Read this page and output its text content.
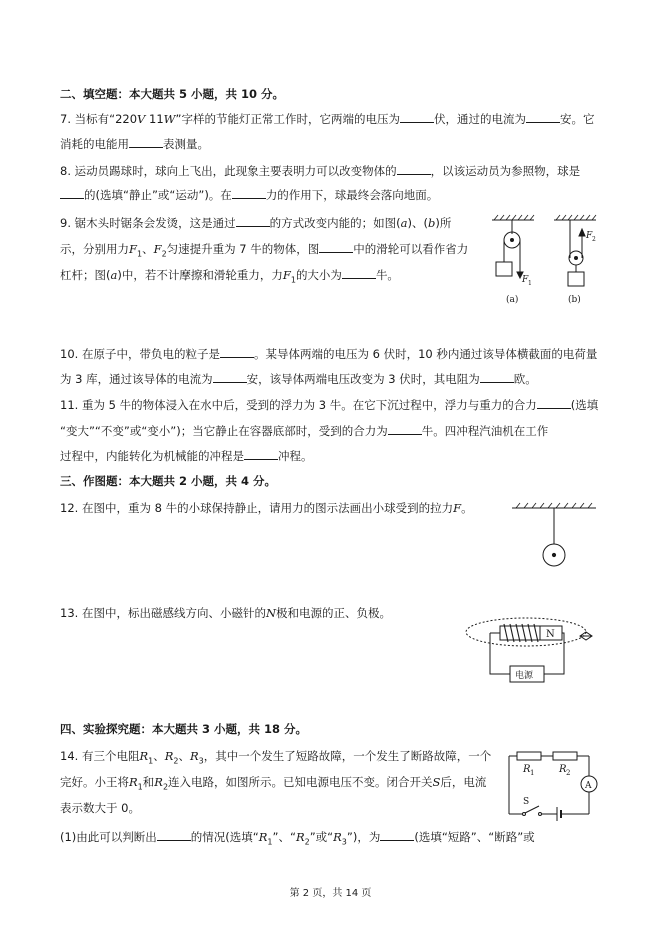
二、填空题：本大题共 5 小题，共 10 分。
7. 当标有“220V 11W”字样的节能灯正常工作时，它两端的电压为	伏，通过的电流为	安。它
消耗的电能用	表测量。
8. 运动员踢球时，球向上飞出，此现象主要表明力可以改变物体的	，以该运动员为参照物，球是
的(选填“静止”或“运动”)。在	力的作用下，球最终会落向地面。
9. 锯木头时锯条会发烫，这是通过	的方式改变内能的；如图(a)、(b)所
示，分别用力$F_1$、$F_2$匀速提升重为 7 牛的物体，图	中的滑轮可以看作省力
杠杆；图(a)中，若不计摩擦和滑轮重力，力$F_1$的大小为	牛。	F 1
F 2
(a)	(b)
10. 在原子中，带负电的粒子是	。某导体两端的电压为 6 伏时，10 秒内通过该导体横截面的电荷量
为 3 库，通过该导体的电流为	安，该导体两端电压改变为 3 伏时，其电阻为	欧。
11. 重为 5 牛的物体浸入在水中后，受到的浮力为 3 牛。在它下沉过程中，浮力与重力的合力	(选填
“变大”“不变”或“变小”)；当它静止在容器底部时，受到的合力为	牛。四冲程汽油机在工作
过程中，内能转化为机械能的冲程是	冲程。
三、作图题：本大题共 2 小题，共 4 分。
12. 在图中，重为 8 牛的小球保持静止，请用力的图示法画出小球受到的拉力F。
13. 在图中，标出磁感线方向、小磁针的N极和电源的正、负极。
N
电源
四、实验探究题：本大题共 3 小题，共 18 分。
14. 有三个电阻$R_1$、$R_2$、$R_3$，其中一个发生了短路故障，一个发生了断路故障，一个
完好。小王将$R_1$和$R_2$连入电路，如图所示。已知电源电压不变。闭合开关S后，电流
表示数大于 0。
(1)由此可以判断出	的情况(选填“$R_1$”、“$R_2$”或“$R_3$”)，为	(选填“短路”、“断路”或
R 1 R 2
A
S
第 2 页，共 14 页
